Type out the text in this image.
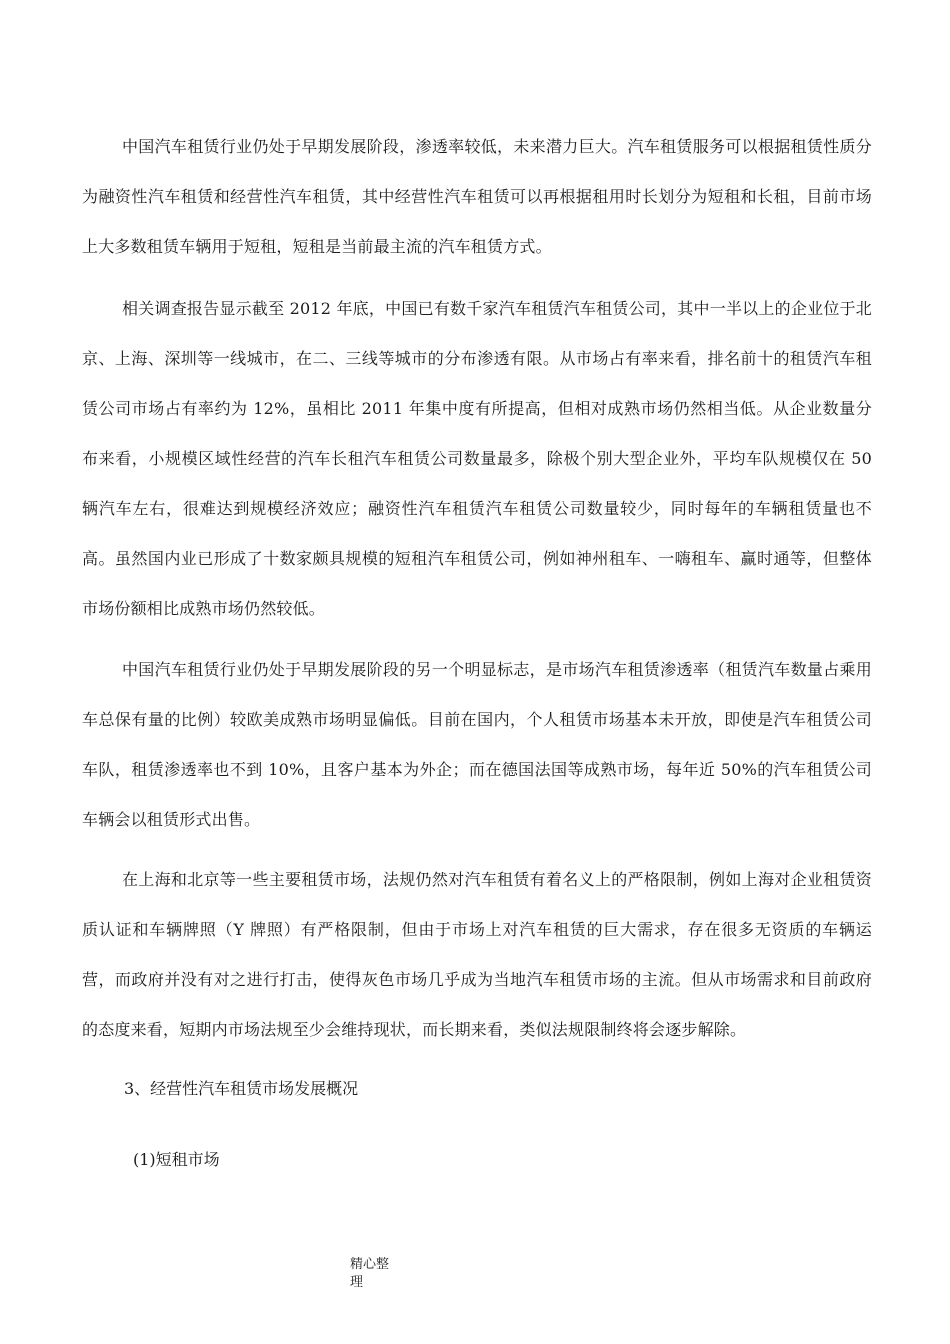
中国汽车租赁行业仍处于早期发展阶段，渗透率较低，未来潜力巨大。汽车租赁服务可以根据租赁性质分为融资性汽车租赁和经营性汽车租赁，其中经营性汽车租赁可以再根据租用时长划分为短租和长租，目前市场上大多数租赁车辆用于短租，短租是当前最主流的汽车租赁方式。

相关调查报告显示截至 2012 年底，中国已有数千家汽车租赁汽车租赁公司，其中一半以上的企业位于北京、上海、深圳等一线城市，在二、三线等城市的分布渗透有限。从市场占有率来看，排名前十的租赁汽车租赁公司市场占有率约为 12%，虽相比 2011 年集中度有所提高，但相对成熟市场仍然相当低。从企业数量分布来看，小规模区域性经营的汽车长租汽车租赁公司数量最多，除极个别大型企业外，平均车队规模仅在 50 辆汽车左右，很难达到规模经济效应；融资性汽车租赁汽车租赁公司数量较少，同时每年的车辆租赁量也不高。虽然国内业已形成了十数家颇具规模的短租汽车租赁公司，例如神州租车、一嗨租车、赢时通等，但整体市场份额相比成熟市场仍然较低。

中国汽车租赁行业仍处于早期发展阶段的另一个明显标志，是市场汽车租赁渗透率（租赁汽车数量占乘用车总保有量的比例）较欧美成熟市场明显偏低。目前在国内，个人租赁市场基本未开放，即使是汽车租赁公司车队，租赁渗透率也不到 10%，且客户基本为外企；而在德国法国等成熟市场，每年近 50%的汽车租赁公司车辆会以租赁形式出售。

在上海和北京等一些主要租赁市场，法规仍然对汽车租赁有着名义上的严格限制，例如上海对企业租赁资质认证和车辆牌照（Y 牌照）有严格限制，但由于市场上对汽车租赁的巨大需求，存在很多无资质的车辆运营，而政府并没有对之进行打击，使得灰色市场几乎成为当地汽车租赁市场的主流。但从市场需求和目前政府的态度来看，短期内市场法规至少会维持现状，而长期来看，类似法规限制终将会逐步解除。

3、经营性汽车租赁市场发展概况
(1)短租市场
精心整理
